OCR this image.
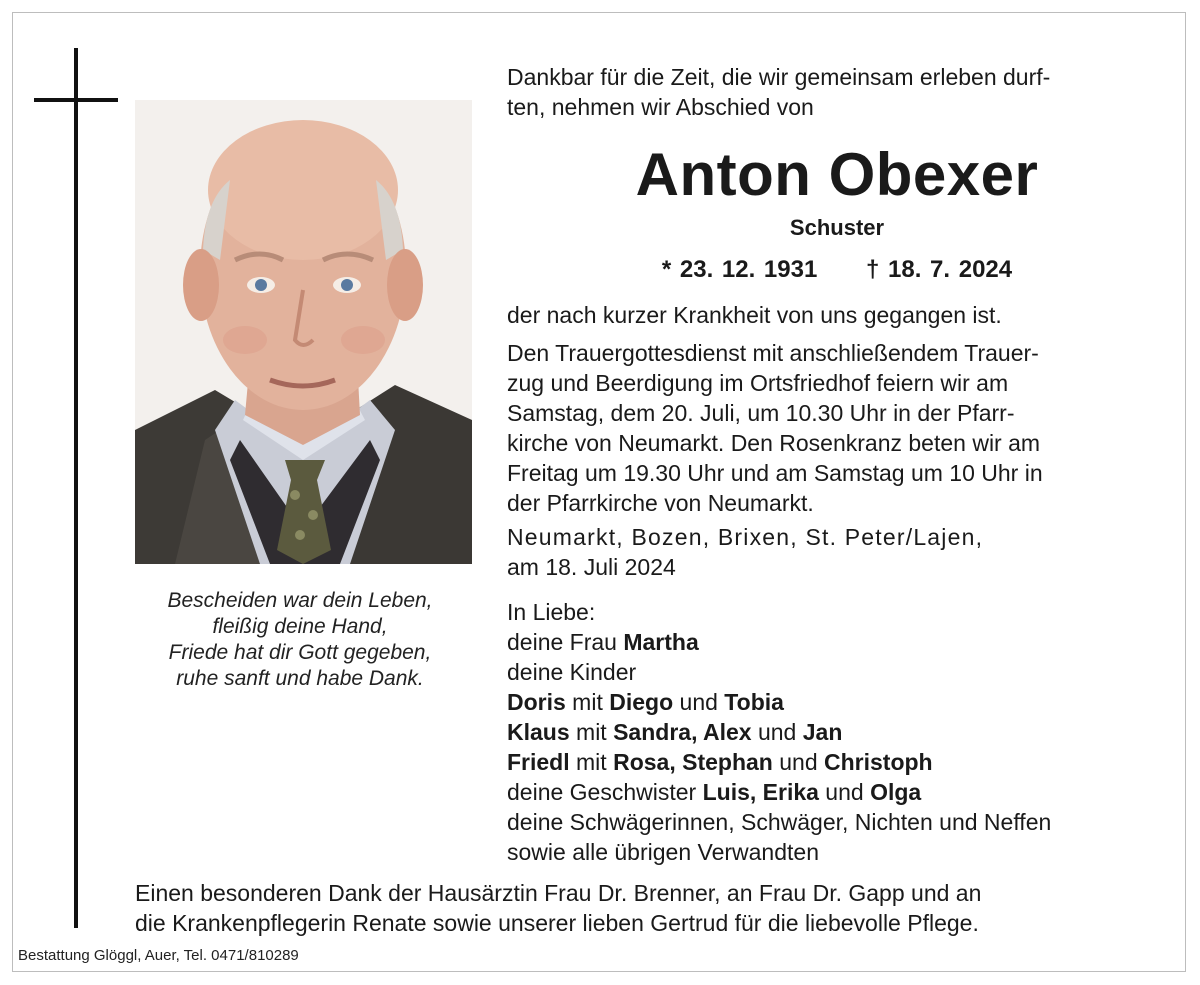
Bescheiden war dein Leben,
fleißig deine Hand,
Friede hat dir Gott gegeben,
ruhe sanft und habe Dank.
Dankbar für die Zeit, die wir gemeinsam erleben durf-
ten, nehmen wir Abschied von
Anton Obexer
Schuster
* 23. 12. 1931 † 18. 7. 2024
der nach kurzer Krankheit von uns gegangen ist.
Den Trauergottesdienst mit anschließendem Trauer-
zug und Beerdigung im Ortsfriedhof feiern wir am
Samstag, dem 20. Juli, um 10.30 Uhr in der Pfarr-
kirche von Neumarkt. Den Rosenkranz beten wir am
Freitag um 19.30 Uhr und am Samstag um 10 Uhr in
der Pfarrkirche von Neumarkt.
Neumarkt, Bozen, Brixen, St. Peter/Lajen,
am 18. Juli 2024
In Liebe:
deine Frau Martha
deine Kinder
Doris mit Diego und Tobia
Klaus mit Sandra, Alex und Jan
Friedl mit Rosa, Stephan und Christoph
deine Geschwister Luis, Erika und Olga
deine Schwägerinnen, Schwäger, Nichten und Neffen
sowie alle übrigen Verwandten
Einen besonderen Dank der Hausärztin Frau Dr. Brenner, an Frau Dr. Gapp und an
die Krankenpflegerin Renate sowie unserer lieben Gertrud für die liebevolle Pflege.
Bestattung Glöggl, Auer, Tel. 0471/810289
